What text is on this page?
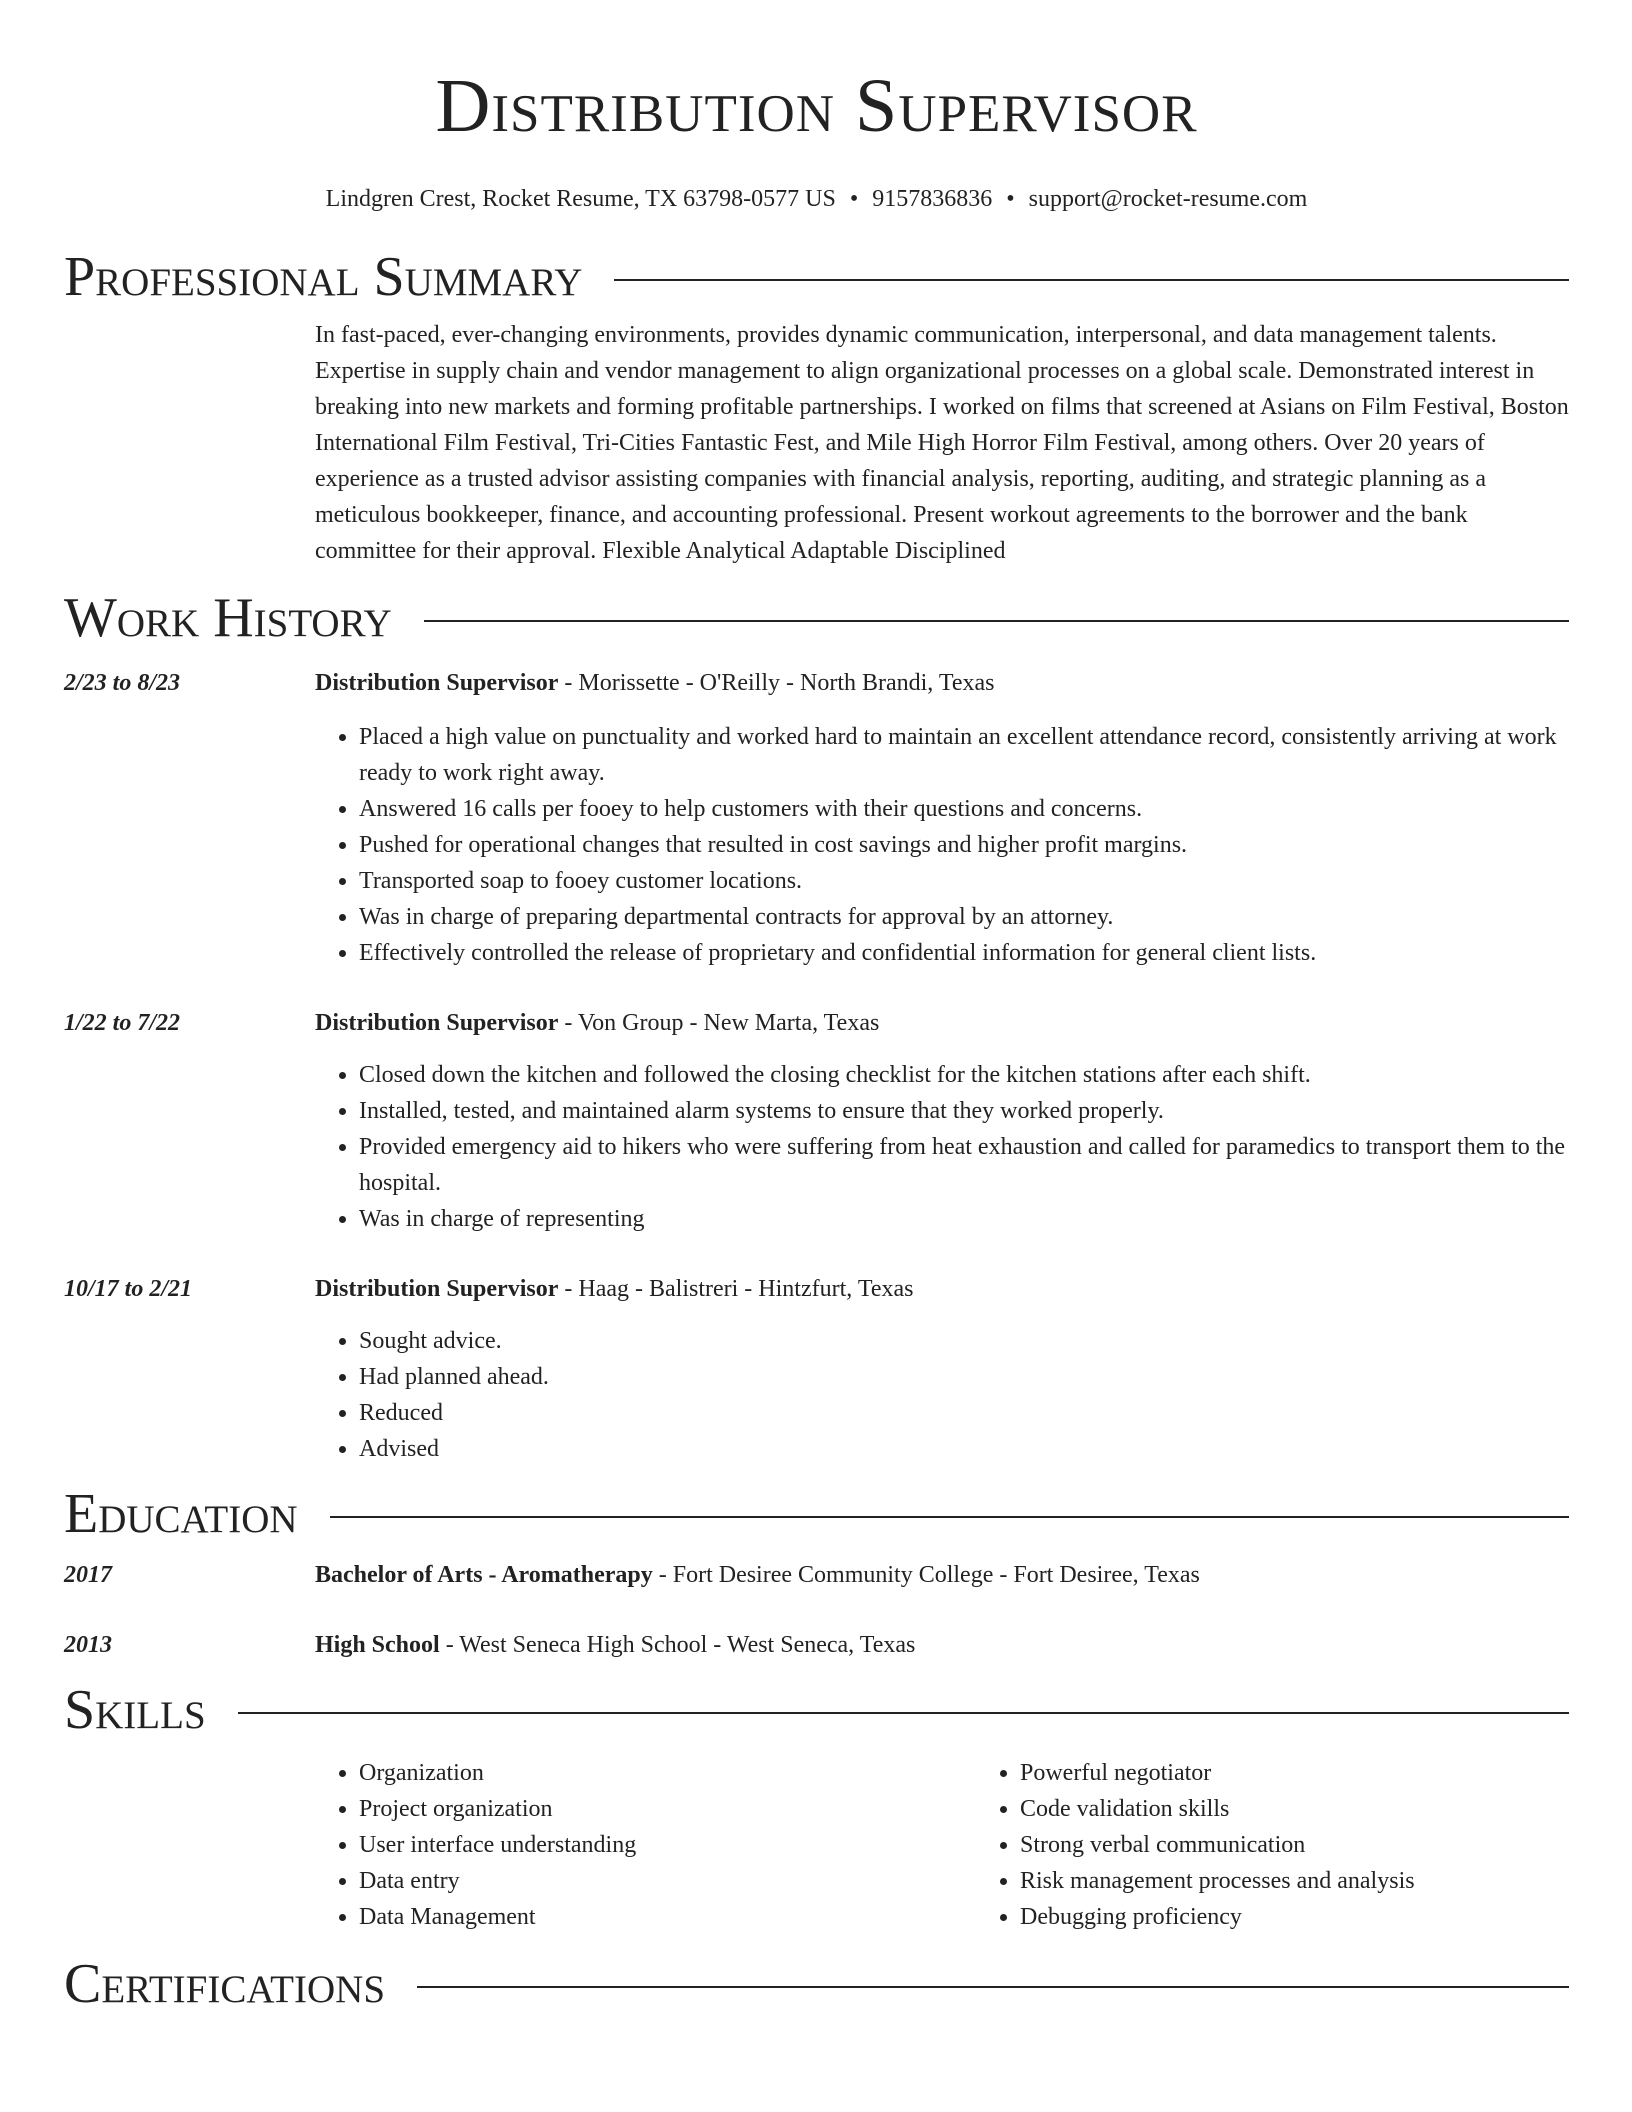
Distribution Supervisor
Lindgren Crest, Rocket Resume, TX 63798-0577 US • 9157836836 • support@rocket-resume.com
Professional Summary
In fast-paced, ever-changing environments, provides dynamic communication, interpersonal, and data management talents. Expertise in supply chain and vendor management to align organizational processes on a global scale. Demonstrated interest in breaking into new markets and forming profitable partnerships. I worked on films that screened at Asians on Film Festival, Boston International Film Festival, Tri-Cities Fantastic Fest, and Mile High Horror Film Festival, among others. Over 20 years of experience as a trusted advisor assisting companies with financial analysis, reporting, auditing, and strategic planning as a meticulous bookkeeper, finance, and accounting professional. Present workout agreements to the borrower and the bank committee for their approval. Flexible Analytical Adaptable Disciplined
Work History
2/23 to 8/23	Distribution Supervisor - Morissette - O'Reilly - North Brandi, Texas
• Placed a high value on punctuality and worked hard to maintain an excellent attendance record, consistently arriving at work ready to work right away.
• Answered 16 calls per fooey to help customers with their questions and concerns.
• Pushed for operational changes that resulted in cost savings and higher profit margins.
• Transported soap to fooey customer locations.
• Was in charge of preparing departmental contracts for approval by an attorney.
• Effectively controlled the release of proprietary and confidential information for general client lists.
1/22 to 7/22	Distribution Supervisor - Von Group - New Marta, Texas
• Closed down the kitchen and followed the closing checklist for the kitchen stations after each shift.
• Installed, tested, and maintained alarm systems to ensure that they worked properly.
• Provided emergency aid to hikers who were suffering from heat exhaustion and called for paramedics to transport them to the hospital.
• Was in charge of representing
10/17 to 2/21	Distribution Supervisor - Haag - Balistreri - Hintzfurt, Texas
• Sought advice.
• Had planned ahead.
• Reduced
• Advised
Education
2017	Bachelor of Arts - Aromatherapy - Fort Desiree Community College - Fort Desiree, Texas
2013	High School - West Seneca High School - West Seneca, Texas
Skills
• Organization
• Project organization
• User interface understanding
• Data entry
• Data Management
• Powerful negotiator
• Code validation skills
• Strong verbal communication
• Risk management processes and analysis
• Debugging proficiency
Certifications
